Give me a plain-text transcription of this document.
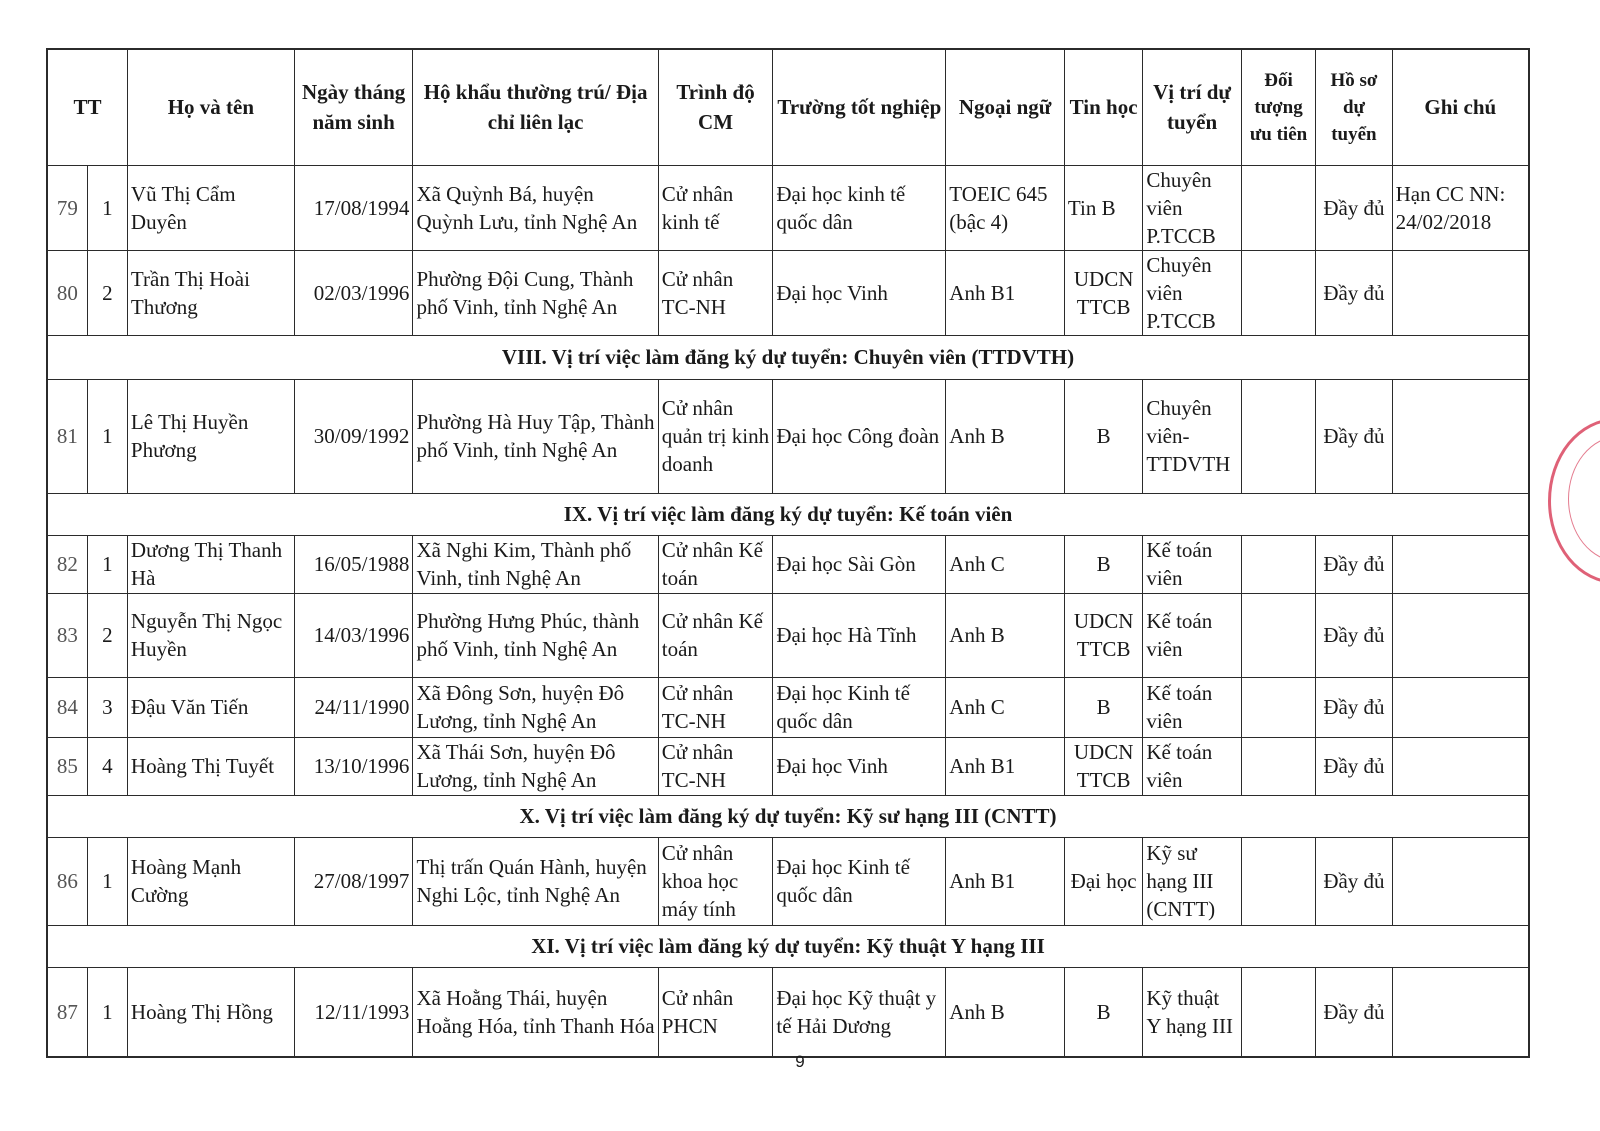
TT		Họ và tên	Ngày tháng năm sinh	Hộ khẩu thường trú/ Địa chỉ liên lạc	Trình độ CM	Trường tốt nghiệp	Ngoại ngữ	Tin học	Vị trí dự tuyển	Đối tượng ưu tiên	Hồ sơ dự tuyển	Ghi chú
79	1	Vũ Thị Cẩm Duyên	17/08/1994	Xã Quỳnh Bá, huyện Quỳnh Lưu, tỉnh Nghệ An	Cử nhân kinh tế	Đại học kinh tế quốc dân	TOEIC 645 (bậc 4)	Tin B	Chuyên viên P.TCCB		Đầy đủ	Hạn CC NN: 24/02/2018
80	2	Trần Thị Hoài Thương	02/03/1996	Phường Đội Cung, Thành phố Vinh, tỉnh Nghệ An	Cử nhân TC-NH	Đại học Vinh	Anh B1	UDCN TTCB	Chuyên viên P.TCCB		Đầy đủ	
VIII. Vị trí việc làm đăng ký dự tuyển: Chuyên viên (TTDVTH)												
81	1	Lê Thị Huyền Phương	30/09/1992	Phường Hà Huy Tập, Thành phố Vinh, tỉnh Nghệ An	Cử nhân quản trị kinh doanh	Đại học Công đoàn	Anh B	B	Chuyên viên-TTDVTH		Đầy đủ	
IX. Vị trí việc làm đăng ký dự tuyển: Kế toán viên												
82	1	Dương Thị Thanh Hà	16/05/1988	Xã Nghi Kim, Thành phố Vinh, tỉnh Nghệ An	Cử nhân Kế toán	Đại học Sài Gòn	Anh C	B	Kế toán viên		Đầy đủ	
83	2	Nguyễn Thị Ngọc Huyền	14/03/1996	Phường Hưng Phúc, thành phố Vinh, tỉnh Nghệ An	Cử nhân Kế toán	Đại học Hà Tĩnh	Anh B	UDCN TTCB	Kế toán viên		Đầy đủ	
84	3	Đậu Văn Tiến	24/11/1990	Xã Đông Sơn, huyện Đô Lương, tỉnh Nghệ An	Cử nhân TC-NH	Đại học Kinh tế quốc dân	Anh C	B	Kế toán viên		Đầy đủ	
85	4	Hoàng Thị Tuyết	13/10/1996	Xã Thái Sơn, huyện Đô Lương, tỉnh Nghệ An	Cử nhân TC-NH	Đại học Vinh	Anh B1	UDCN TTCB	Kế toán viên		Đầy đủ	
X. Vị trí việc làm đăng ký dự tuyển: Kỹ sư hạng III (CNTT)												
86	1	Hoàng Mạnh Cường	27/08/1997	Thị trấn Quán Hành, huyện Nghi Lộc, tỉnh Nghệ An	Cử nhân khoa học máy tính	Đại học Kinh tế quốc dân	Anh B1	Đại học	Kỹ sư hạng III (CNTT)		Đầy đủ	
XI. Vị trí việc làm đăng ký dự tuyển: Kỹ thuật Y hạng III												
87	1	Hoàng Thị Hồng	12/11/1993	Xã Hoằng Thái, huyện Hoằng Hóa, tỉnh Thanh Hóa	Cử nhân PHCN	Đại học Kỹ thuật y tế Hải Dương	Anh B	B	Kỹ thuật Y hạng III		Đầy đủ	
9
